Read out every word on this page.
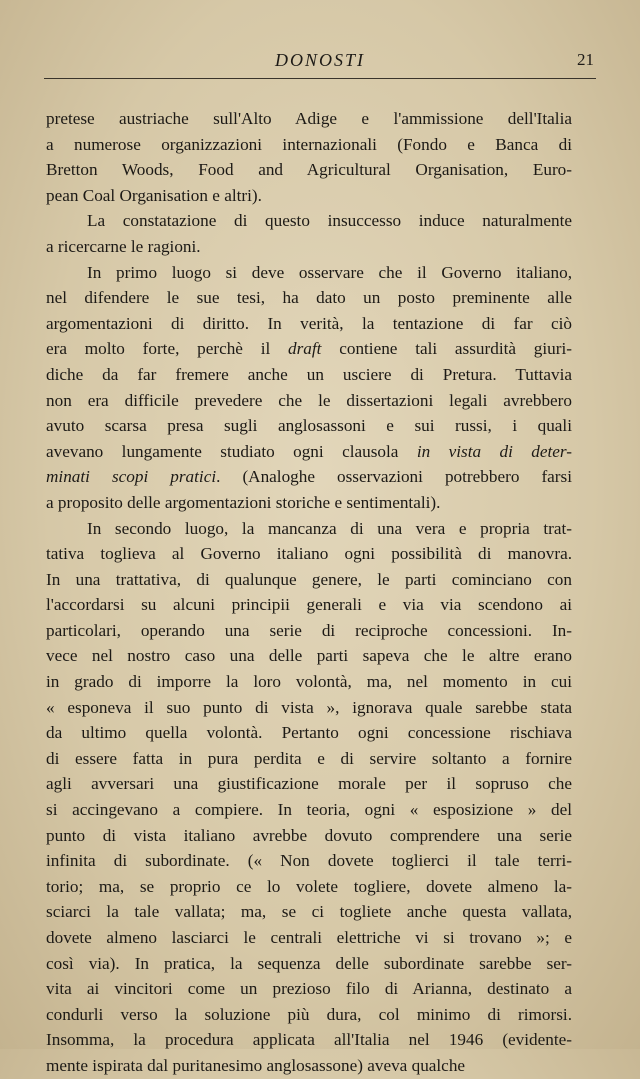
DONOSTI	21
pretese austriache sull'Alto Adige e l'ammissione dell'Italia
a numerose organizzazioni internazionali (Fondo e Banca di
Bretton Woods, Food and Agricultural Organisation, Euro-
pean Coal Organisation e altri).
La constatazione di questo insuccesso induce naturalmente
a ricercarne le ragioni.
In primo luogo si deve osservare che il Governo italiano,
nel difendere le sue tesi, ha dato un posto preminente alle
argomentazioni di diritto. In verità, la tentazione di far ciò
era molto forte, perchè il draft contiene tali assurdità giuri-
diche da far fremere anche un usciere di Pretura. Tuttavia
non era difficile prevedere che le dissertazioni legali avrebbero
avuto scarsa presa sugli anglosassoni e sui russi, i quali
avevano lungamente studiato ogni clausola in vista di deter-
minati scopi pratici. (Analoghe osservazioni potrebbero farsi
a proposito delle argomentazioni storiche e sentimentali).
In secondo luogo, la mancanza di una vera e propria trat-
tativa toglieva al Governo italiano ogni possibilità di manovra.
In una trattativa, di qualunque genere, le parti cominciano con
l'accordarsi su alcuni principii generali e via via scendono ai
particolari, operando una serie di reciproche concessioni. In-
vece nel nostro caso una delle parti sapeva che le altre erano
in grado di imporre la loro volontà, ma, nel momento in cui
« esponeva il suo punto di vista », ignorava quale sarebbe stata
da ultimo quella volontà. Pertanto ogni concessione rischiava
di essere fatta in pura perdita e di servire soltanto a fornire
agli avversari una giustificazione morale per il sopruso che
si accingevano a compiere. In teoria, ogni « esposizione » del
punto di vista italiano avrebbe dovuto comprendere una serie
infinita di subordinate. (« Non dovete toglierci il tale terri-
torio; ma, se proprio ce lo volete togliere, dovete almeno la-
sciarci la tale vallata; ma, se ci togliete anche questa vallata,
dovete almeno lasciarci le centrali elettriche vi si trovano »; e
così via). In pratica, la sequenza delle subordinate sarebbe ser-
vita ai vincitori come un prezioso filo di Arianna, destinato a
condurli verso la soluzione più dura, col minimo di rimorsi.
Insomma, la procedura applicata all'Italia nel 1946 (evidente-
mente ispirata dal puritanesimo anglosassone) aveva qualche
